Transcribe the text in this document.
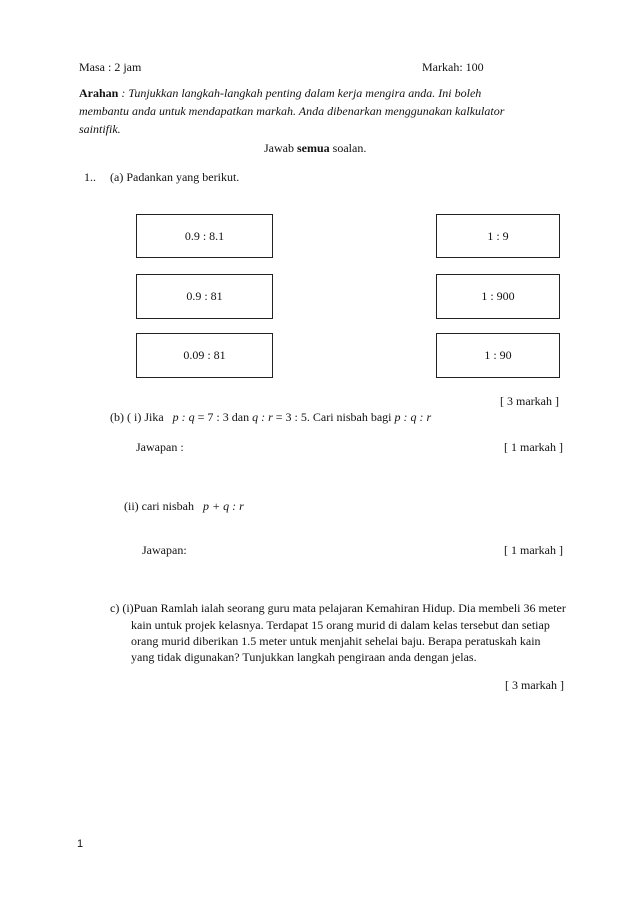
Masa : 2 jam	Markah: 100
Arahan : Tunjukkan langkah-langkah penting dalam kerja mengira anda. Ini boleh
membantu anda untuk mendapatkan markah. Anda dibenarkan menggunakan kalkulator
saintifik.
Jawab semua soalan.
1.. (a) Padankan yang berikut.
0.9 : 8.1
0.9 : 81
0.09 : 81
1 : 9
1 : 900
1 : 90
[ 3 markah ]
(b) ( i) Jika p : q = 7 : 3 dan q : r = 3 : 5. Cari nisbah bagi p : q : r
Jawapan :	[ 1 markah ]
(ii) cari nisbah p + q : r
Jawapan:	[ 1 markah ]
c) (i)Puan Ramlah ialah seorang guru mata pelajaran Kemahiran Hidup. Dia membeli 36 meter
kain untuk projek kelasnya. Terdapat 15 orang murid di dalam kelas tersebut dan setiap
orang murid diberikan 1.5 meter untuk menjahit sehelai baju. Berapa peratuskah kain
yang tidak digunakan? Tunjukkan langkah pengiraan anda dengan jelas.
[ 3 markah ]
1
